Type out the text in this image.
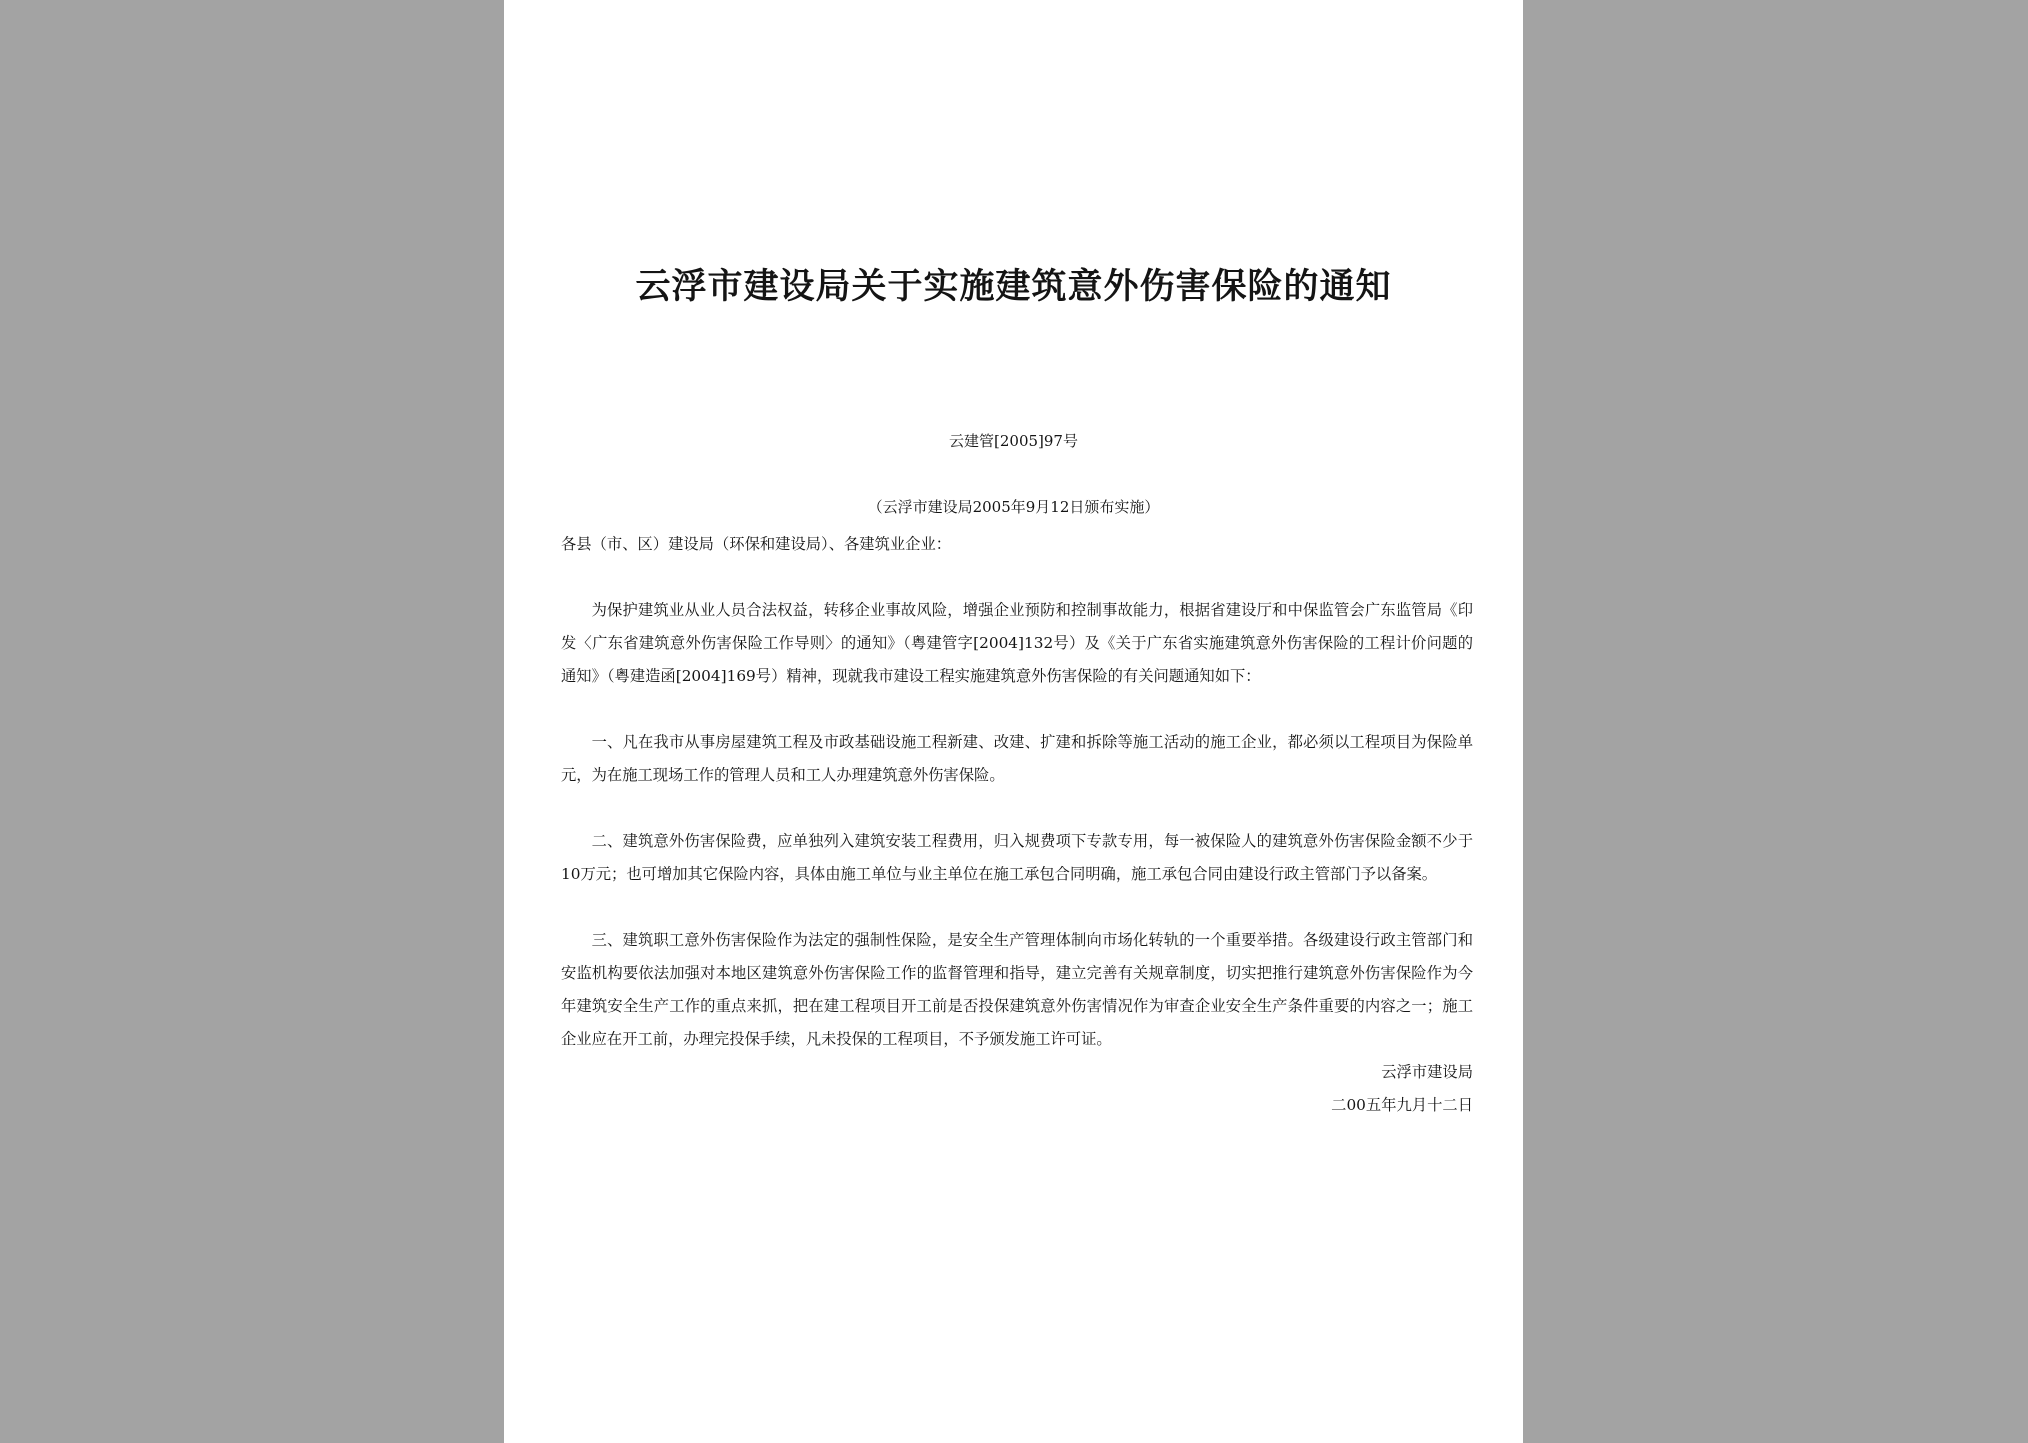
云浮市建设局关于实施建筑意外伤害保险的通知
云建管[2005]97号
（云浮市建设局2005年9月12日颁布实施）

各县（市、区）建设局（环保和建设局）、各建筑业企业：

为保护建筑业从业人员合法权益，转移企业事故风险，增强企业预防和控制事故能力，根据省建设厅和中保监管会广东监管局《印发〈广东省建筑意外伤害保险工作导则〉的通知》（粤建管字[2004]132号）及《关于广东省实施建筑意外伤害保险的工程计价问题的通知》（粤建造函[2004]169号）精神，现就我市建设工程实施建筑意外伤害保险的有关问题通知如下：

一、凡在我市从事房屋建筑工程及市政基础设施工程新建、改建、扩建和拆除等施工活动的施工企业，都必须以工程项目为保险单元，为在施工现场工作的管理人员和工人办理建筑意外伤害保险。

二、建筑意外伤害保险费，应单独列入建筑安装工程费用，归入规费项下专款专用，每一被保险人的建筑意外伤害保险金额不少于10万元；也可增加其它保险内容，具体由施工单位与业主单位在施工承包合同明确，施工承包合同由建设行政主管部门予以备案。

三、建筑职工意外伤害保险作为法定的强制性保险，是安全生产管理体制向市场化转轨的一个重要举措。各级建设行政主管部门和安监机构要依法加强对本地区建筑意外伤害保险工作的监督管理和指导，建立完善有关规章制度，切实把推行建筑意外伤害保险作为今年建筑安全生产工作的重点来抓，把在建工程项目开工前是否投保建筑意外伤害情况作为审查企业安全生产条件重要的内容之一；施工企业应在开工前，办理完投保手续，凡未投保的工程项目，不予颁发施工许可证。

云浮市建设局

二00五年九月十二日
